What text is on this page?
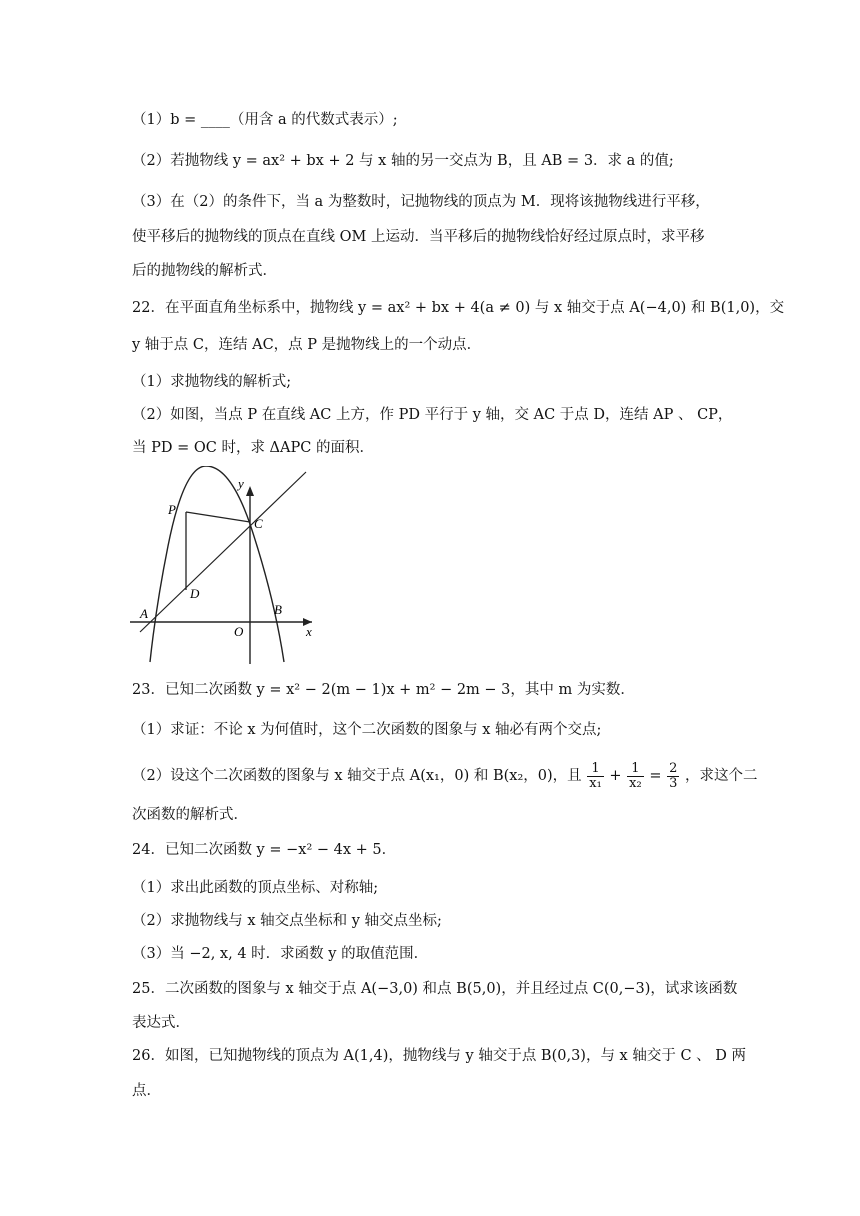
（1）b = ____（用含 a 的代数式表示）;
（2）若抛物线 y = ax² + bx + 2 与 x 轴的另一交点为 B，且 AB = 3．求 a 的值;
（3）在（2）的条件下，当 a 为整数时，记抛物线的顶点为 M．现将该抛物线进行平移，
使平移后的抛物线的顶点在直线 OM 上运动．当平移后的抛物线恰好经过原点时，求平移
后的抛物线的解析式．
22．在平面直角坐标系中，抛物线 y = ax² + bx + 4(a ≠ 0) 与 x 轴交于点 A(−4,0) 和 B(1,0)，交
y 轴于点 C，连结 AC，点 P 是抛物线上的一个动点．
（1）求抛物线的解析式;
（2）如图，当点 P 在直线 AC 上方，作 PD 平行于 y 轴，交 AC 于点 D，连结 AP 、 CP，
当 PD = OC 时，求 ΔAPC 的面积．
P
C
D
A
O
B
x
y
23．已知二次函数 y = x² − 2(m − 1)x + m² − 2m − 3，其中 m 为实数．
（1）求证：不论 x 为何值时，这个二次函数的图象与 x 轴必有两个交点;
（2）设这个二次函数的图象与 x 轴交于点 A(x₁，0) 和 B(x₂，0)，且 $\frac{1}{\text{x₁}} + \frac{1}{\text{x₂}} = \frac{2}{3}$ ，求这个二
次函数的解析式．
24．已知二次函数 y = −x² − 4x + 5．
（1）求出此函数的顶点坐标、对称轴;
（2）求抛物线与 x 轴交点坐标和 y 轴交点坐标;
（3）当 −2, x, 4 时．求函数 y 的取值范围．
25．二次函数的图象与 x 轴交于点 A(−3,0) 和点 B(5,0)，并且经过点 C(0,−3)，试求该函数
表达式．
26．如图，已知抛物线的顶点为 A(1,4)，抛物线与 y 轴交于点 B(0,3)，与 x 轴交于 C 、 D 两
点．
